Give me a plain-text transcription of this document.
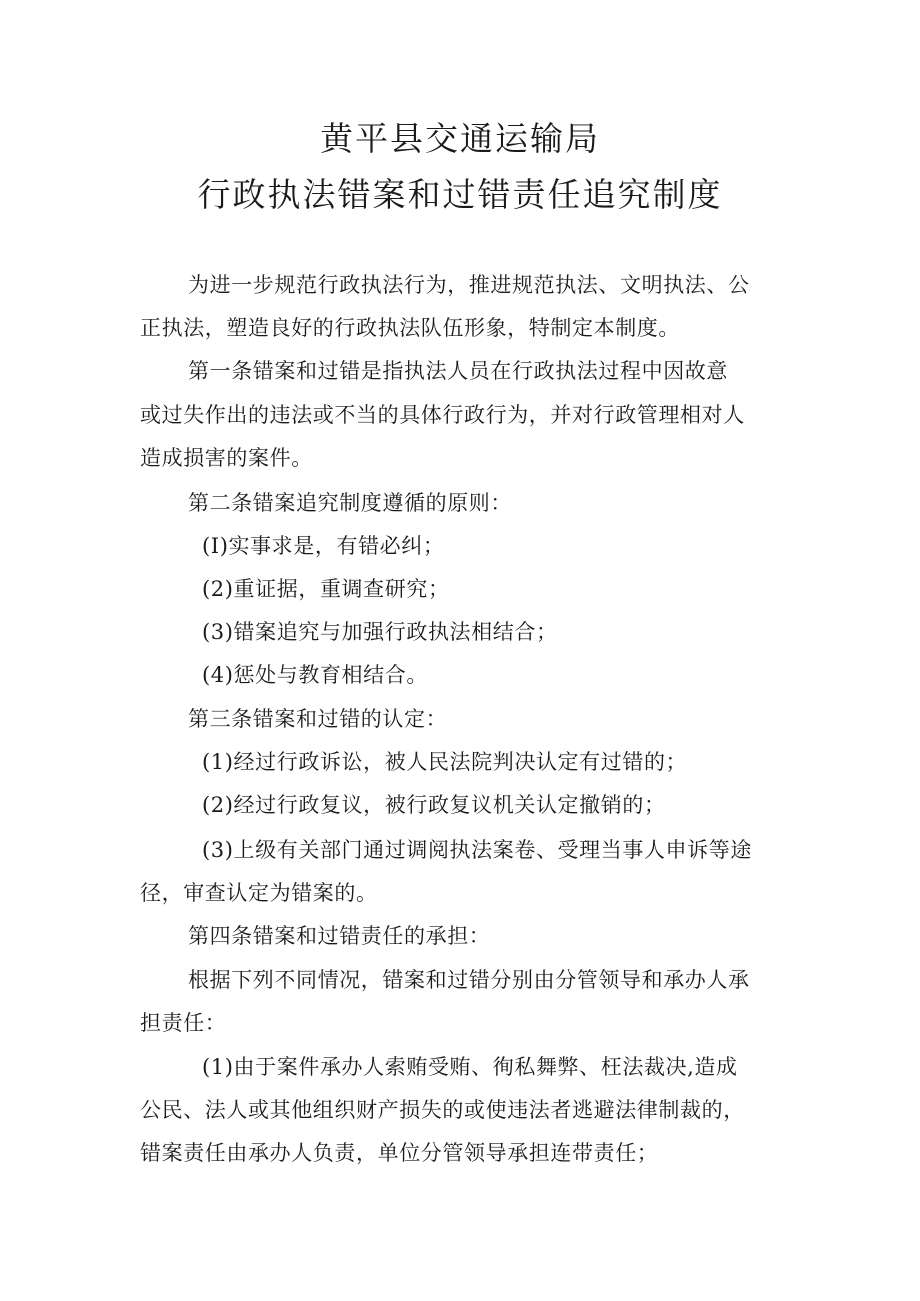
黄平县交通运输局
行政执法错案和过错责任追究制度
为进一步规范行政执法行为，推进规范执法、文明执法、公
正执法，塑造良好的行政执法队伍形象，特制定本制度。
第一条错案和过错是指执法人员在行政执法过程中因故意
或过失作出的违法或不当的具体行政行为，并对行政管理相对人
造成损害的案件。
第二条错案追究制度遵循的原则：
(I)实事求是，有错必纠；
(2)重证据，重调查研究；
(3)错案追究与加强行政执法相结合；
(4)惩处与教育相结合。
第三条错案和过错的认定：
(1)经过行政诉讼，被人民法院判决认定有过错的；
(2)经过行政复议，被行政复议机关认定撤销的；
(3)上级有关部门通过调阅执法案卷、受理当事人申诉等途
径，审查认定为错案的。
第四条错案和过错责任的承担：
根据下列不同情况，错案和过错分别由分管领导和承办人承
担责任：
(1)由于案件承办人索贿受贿、徇私舞弊、枉法裁决,造成
公民、法人或其他组织财产损失的或使违法者逃避法律制裁的，
错案责任由承办人负责，单位分管领导承担连带责任；
